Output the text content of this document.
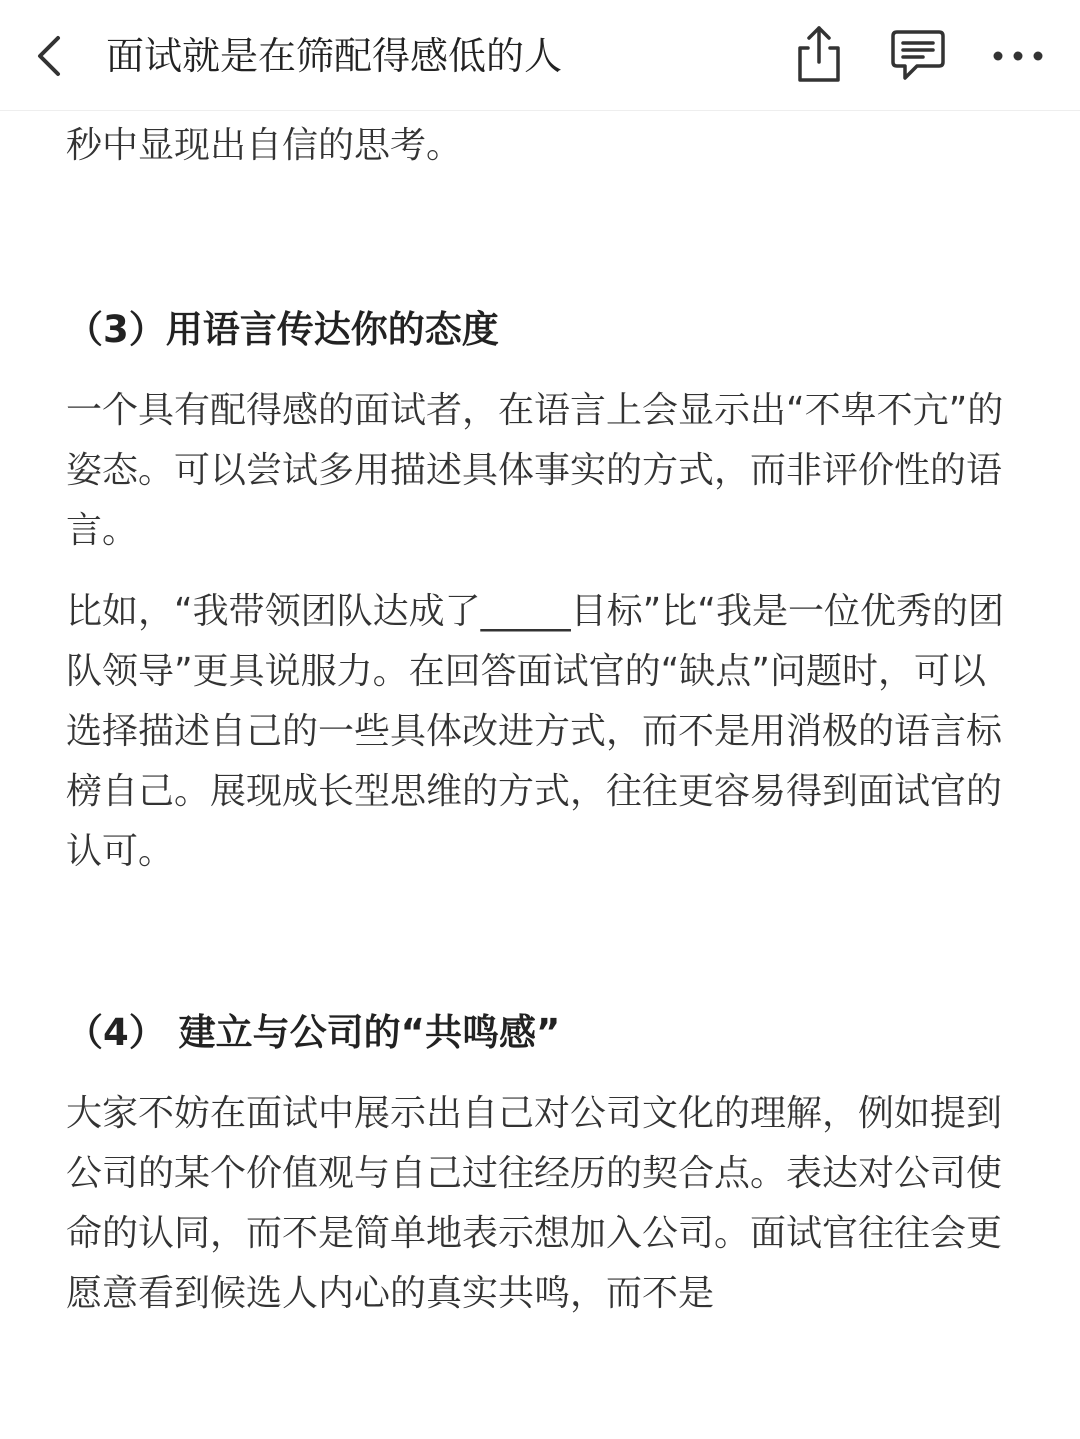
面试就是在筛配得感低的人

秒中显现出自信的思考。

（3）用语言传达你的态度

一个具有配得感的面试者，在语言上会显示出“不卑不亢”的姿态。可以尝试多用描述具体事实的方式，而非评价性的语言。

比如，“我带领团队达成了_____目标”比“我是一位优秀的团队领导”更具说服力。在回答面试官的“缺点”问题时，可以选择描述自己的一些具体改进方式，而不是用消极的语言标榜自己。展现成长型思维的方式，往往更容易得到面试官的认可。

（4） 建立与公司的“共鸣感”

大家不妨在面试中展示出自己对公司文化的理解，例如提到公司的某个价值观与自己过往经历的契合点。表达对公司使命的认同，而不是简单地表示想加入公司。面试官往往会更愿意看到候选人内心的真实共鸣，而不是
